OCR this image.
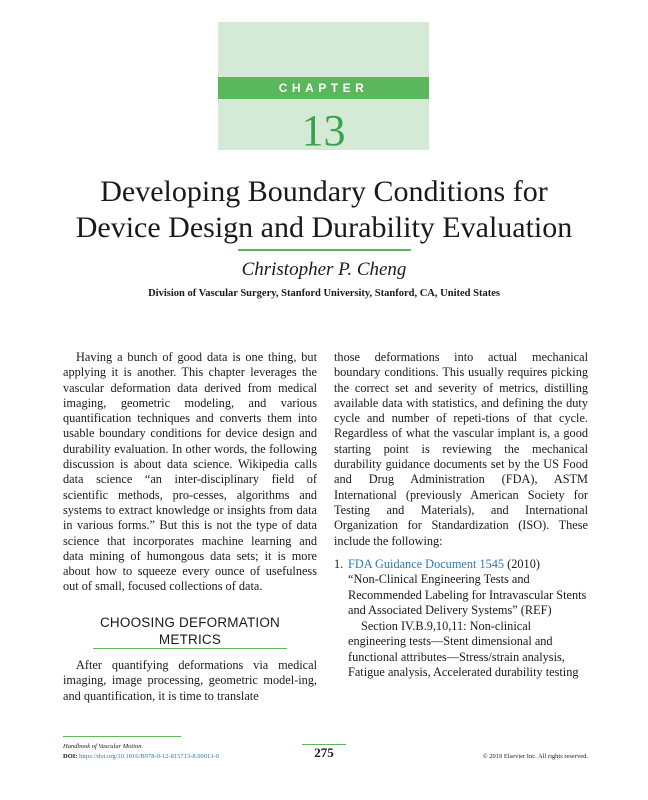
CHAPTER
13
Developing Boundary Conditions for
Device Design and Durability Evaluation
Christopher P. Cheng
Division of Vascular Surgery, Stanford University, Stanford, CA, United States

Having a bunch of good data is one thing, but applying it is another. This chapter leverages the vascular deformation data derived from medical imaging, geometric modeling, and various quantification techniques and converts them into usable boundary conditions for device design and durability evaluation. In other words, the following discussion is about data science. Wikipedia calls data science “an inter-disciplinary field of scientific methods, pro-cesses, algorithms and systems to extract knowledge or insights from data in various forms.” But this is not the type of data science that incorporates machine learning and data mining of humongous data sets; it is more about how to squeeze every ounce of usefulness out of small, focused collections of data.

CHOOSING DEFORMATION
METRICS

After quantifying deformations via medical imaging, image processing, geometric model-ing, and quantification, it is time to translate

those deformations into actual mechanical boundary conditions. This usually requires picking the correct set and severity of metrics, distilling available data with statistics, and defining the duty cycle and number of repeti-tions of that cycle. Regardless of what the vascular implant is, a good starting point is reviewing the mechanical durability guidance documents set by the US Food and Drug Administration (FDA), ASTM International (previously American Society for Testing and Materials), and International Organization for Standardization (ISO). These include the following:

1. FDA Guidance Document 1545 (2010)
“Non-Clinical Engineering Tests and Recommended Labeling for Intravascular Stents and Associated Delivery Systems” (REF)
Section IV.B.9,10,11: Non-clinical engineering tests—Stent dimensional and functional attributes—Stress/strain analysis, Fatigue analysis, Accelerated durability testing
Handbook of Vascular Motion.
DOI: https://doi.org/10.1016/B978-0-12-815713-8.00013-9	275	© 2019 Elsevier Inc. All rights reserved.
